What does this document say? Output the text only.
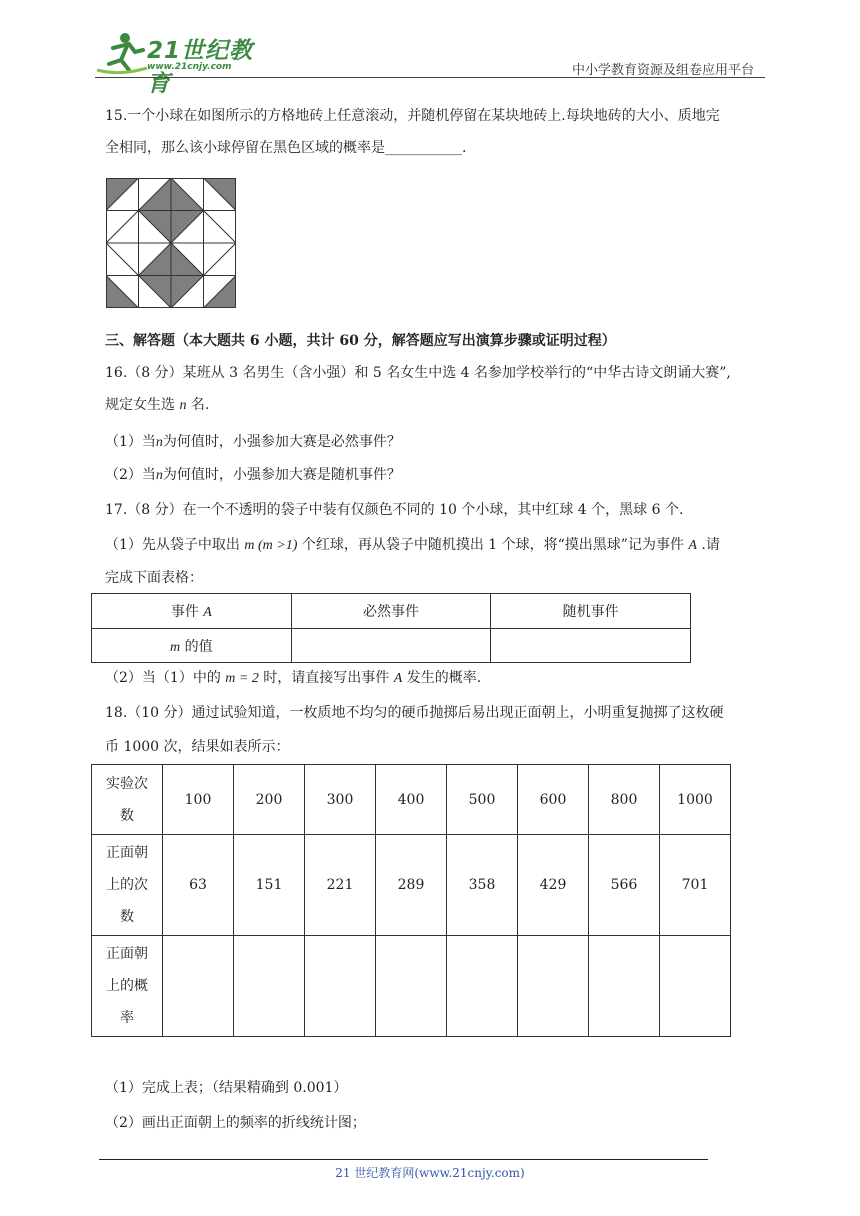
21世纪教育
www.21cnjy.com	中小学教育资源及组卷应用平台
15.一个小球在如图所示的方格地砖上任意滚动，并随机停留在某块地砖上.每块地砖的大小、质地完
全相同，那么该小球停留在黑色区域的概率是___________.
三、解答题（本大题共 6 小题，共计 60 分，解答题应写出演算步骤或证明过程）
16.（8 分）某班从 3 名男生（含小强）和 5 名女生中选 4 名参加学校举行的“中华古诗文朗诵大赛”,
规定女生选 n 名.
（1）当n为何值时，小强参加大赛是必然事件？
（2）当n为何值时，小强参加大赛是随机事件？
17.（8 分）在一个不透明的袋子中装有仅颜色不同的 10 个小球，其中红球 4 个，黑球 6 个.
（1）先从袋子中取出 m (m >1) 个红球，再从袋子中随机摸出 1 个球，将“摸出黑球”记为事件 A .请
完成下面表格：
事件 A	必然事件	随机事件
m 的值		
（2）当（1）中的 m = 2 时，请直接写出事件 A 发生的概率.
18.（10 分）通过试验知道，一枚质地不均匀的硬币抛掷后易出现正面朝上，小明重复抛掷了这枚硬
币 1000 次，结果如表所示：
实验次
数	100	200	300	400	500	600	800	1000

正面朝
上的次
数	63	151	221	289	358	429	566	701

正面朝
上的概
率								

（1）完成上表；（结果精确到 0.001）
（2）画出正面朝上的频率的折线统计图；
21 世纪教育网(www.21cnjy.com)
